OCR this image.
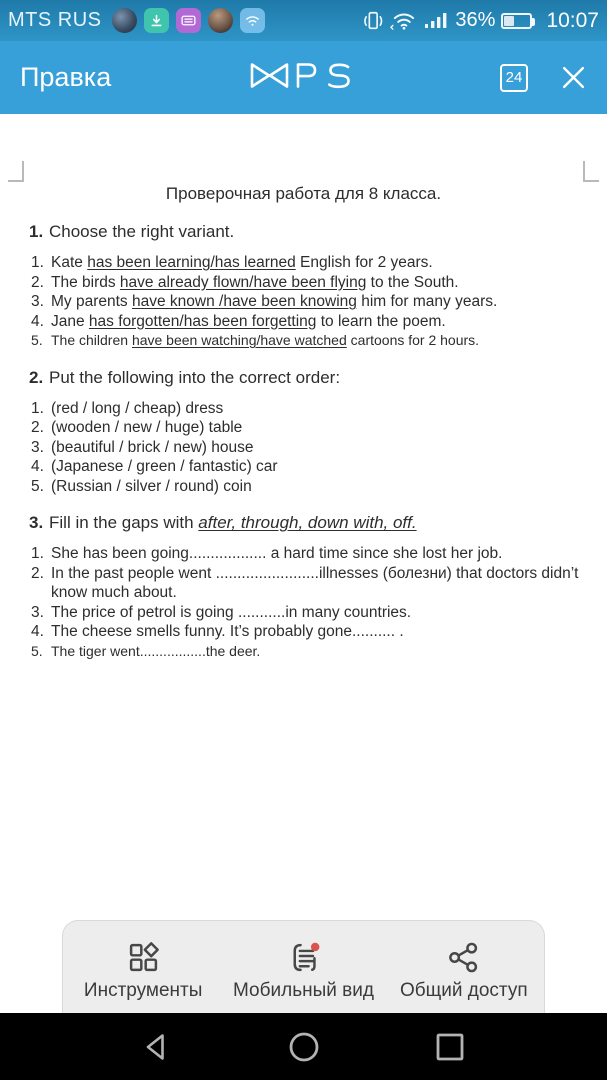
MTS RUS	36% 10:07
Правка	24
Проверочная работа для 8 класса.
1. Choose the right variant.
1. Kate has been learning/has learned English for 2 years.
2. The birds have already flown/have been flying to the South.
3. My parents have known /have been knowing him for many years.
4. Jane has forgotten/has been forgetting to learn the poem.
5. The children have been watching/have watched cartoons for 2 hours.
2. Put the following into the correct order:
1. (red / long / cheap) dress
2. (wooden / new / huge) table
3. (beautiful / brick / new) house
4. (Japanese / green / fantastic) car
5. (Russian / silver / round) coin
3. Fill in the gaps with after, through, down with, off.
1. She has been going.................. a hard time since she lost her job.
2. In the past people went ........................illnesses (болезни) that doctors didn’t know much about.
3. The price of petrol is going ...........in many countries.
4. The cheese smells funny. It’s probably gone.......... .
5. The tiger went.................the deer.
Инструменты Мобильный вид Общий доступ
